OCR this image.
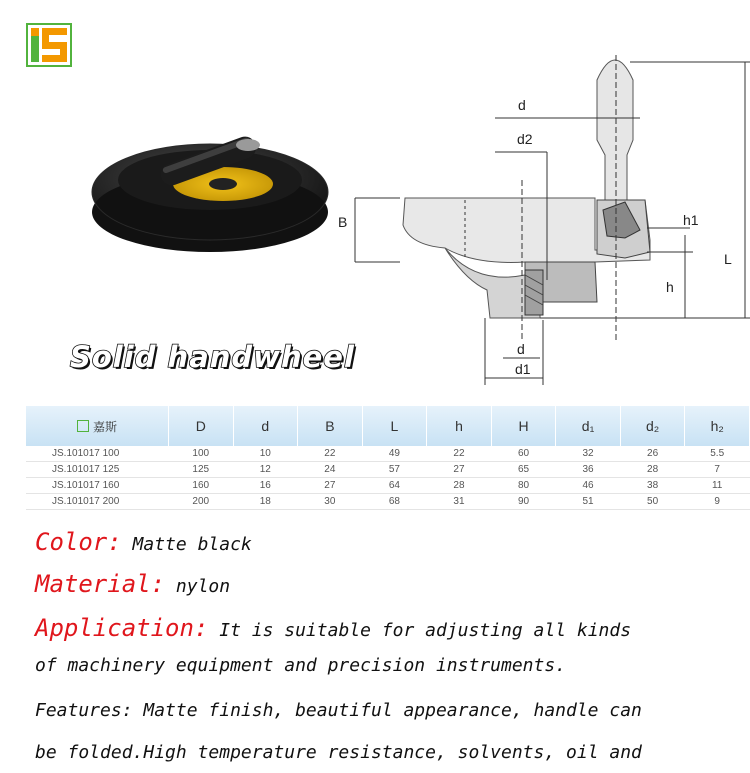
d
d2
B
L
h1
h
d
d1
Solid handwheel
嘉斯	D	d	B	L	h	H	d₁	d₂	h₂
JS.101017 100	100	10	22	49	22	60	32	26	5.5
JS.101017 125	125	12	24	57	27	65	36	28	7
JS.101017 160	160	16	27	64	28	80	46	38	11
JS.101017 200	200	18	30	68	31	90	51	50	9
Color: Matte black
Material: nylon
Application: It is suitable for adjusting all kinds
of machinery equipment and precision instruments.
Features: Matte finish, beautiful appearance, handle can
be folded.High temperature resistance, solvents, oil and
